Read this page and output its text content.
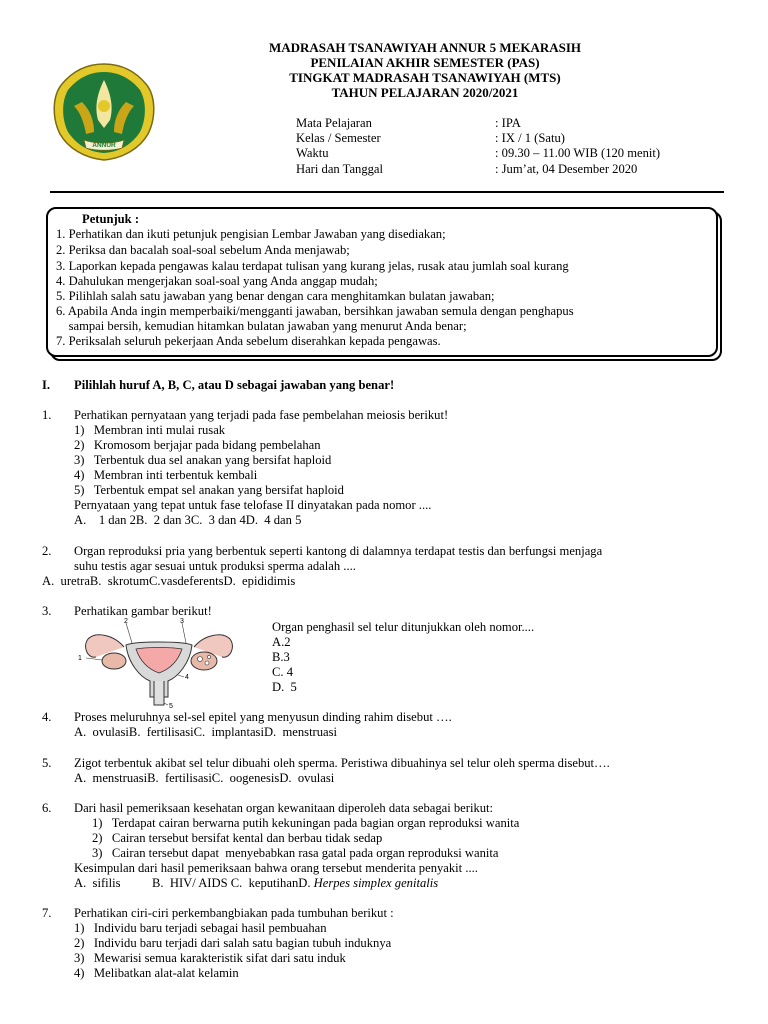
ANNUR
MADRASAH TSANAWIYAH ANNUR 5 MEKARASIH
PENILAIAN AKHIR SEMESTER (PAS)
TINGKAT MADRASAH TSANAWIYAH (MTS)
TAHUN PELAJARAN 2020/2021
Mata Pelajaran	: IPA
Kelas / Semester	: IX / 1 (Satu)
Waktu	: 09.30 – 11.00 WIB (120 menit)
Hari dan Tanggal	: Jum’at, 04 Desember 2020
Petunjuk :
1. Perhatikan dan ikuti petunjuk pengisian Lembar Jawaban yang disediakan;
2. Periksa dan bacalah soal-soal sebelum Anda menjawab;
3. Laporkan kepada pengawas kalau terdapat tulisan yang kurang jelas, rusak atau jumlah soal kurang
4. Dahulukan mengerjakan soal-soal yang Anda anggap mudah;
5. Pilihlah salah satu jawaban yang benar dengan cara menghitamkan bulatan jawaban;
6. Apabila Anda ingin memperbaiki/mengganti jawaban, bersihkan jawaban semula dengan penghapus
sampai bersih, kemudian hitamkan bulatan jawaban yang menurut Anda benar;
7. Periksalah seluruh pekerjaan Anda sebelum diserahkan kepada pengawas.
I. Pilihlah huruf A, B, C, atau D sebagai jawaban yang benar!
1. Perhatikan pernyataan yang terjadi pada fase pembelahan meiosis berikut!
1)   Membran inti mulai rusak
2)   Kromosom berjajar pada bidang pembelahan
3)   Terbentuk dua sel anakan yang bersifat haploid
4)   Membran inti terbentuk kembali
5)   Terbentuk empat sel anakan yang bersifat haploid
Pernyataan yang tepat untuk fase telofase II dinyatakan pada nomor ....
A.    1 dan 2B.  2 dan 3C.  3 dan 4D.  4 dan 5
2. Organ reproduksi pria yang berbentuk seperti kantong di dalamnya terdapat testis dan berfungsi menjaga
suhu testis agar sesuai untuk produksi sperma adalah ....
A.  uretraB.  skrotumC.vasdeferentsD.  epididimis
3. Perhatikan gambar berikut!
1
2	3
4
5
Organ penghasil sel telur ditunjukkan oleh nomor....
A.2
B.3
C. 4
D.  5
4. Proses meluruhnya sel-sel epitel yang menyusun dinding rahim disebut ….
A.  ovulasiB.  fertilisasiC.  implantasiD.  menstruasi
5. Zigot terbentuk akibat sel telur dibuahi oleh sperma. Peristiwa dibuahinya sel telur oleh sperma disebut….
A.  menstruasiB.  fertilisasiC.  oogenesisD.  ovulasi
6. Dari hasil pemeriksaan kesehatan organ kewanitaan diperoleh data sebagai berikut:
1)   Terdapat cairan berwarna putih kekuningan pada bagian organ reproduksi wanita
2)   Cairan tersebut bersifat kental dan berbau tidak sedap
3)   Cairan tersebut dapat  menyebabkan rasa gatal pada organ reproduksi wanita
Kesimpulan dari hasil pemeriksaan bahwa orang tersebut menderita penyakit ....
A.  sifilis          B.  HIV/ AIDS C.  keputihanD. Herpes simplex genitalis
7. Perhatikan ciri-ciri perkembangbiakan pada tumbuhan berikut :
1)   Individu baru terjadi sebagai hasil pembuahan
2)   Individu baru terjadi dari salah satu bagian tubuh induknya
3)   Mewarisi semua karakteristik sifat dari satu induk
4)   Melibatkan alat-alat kelamin
